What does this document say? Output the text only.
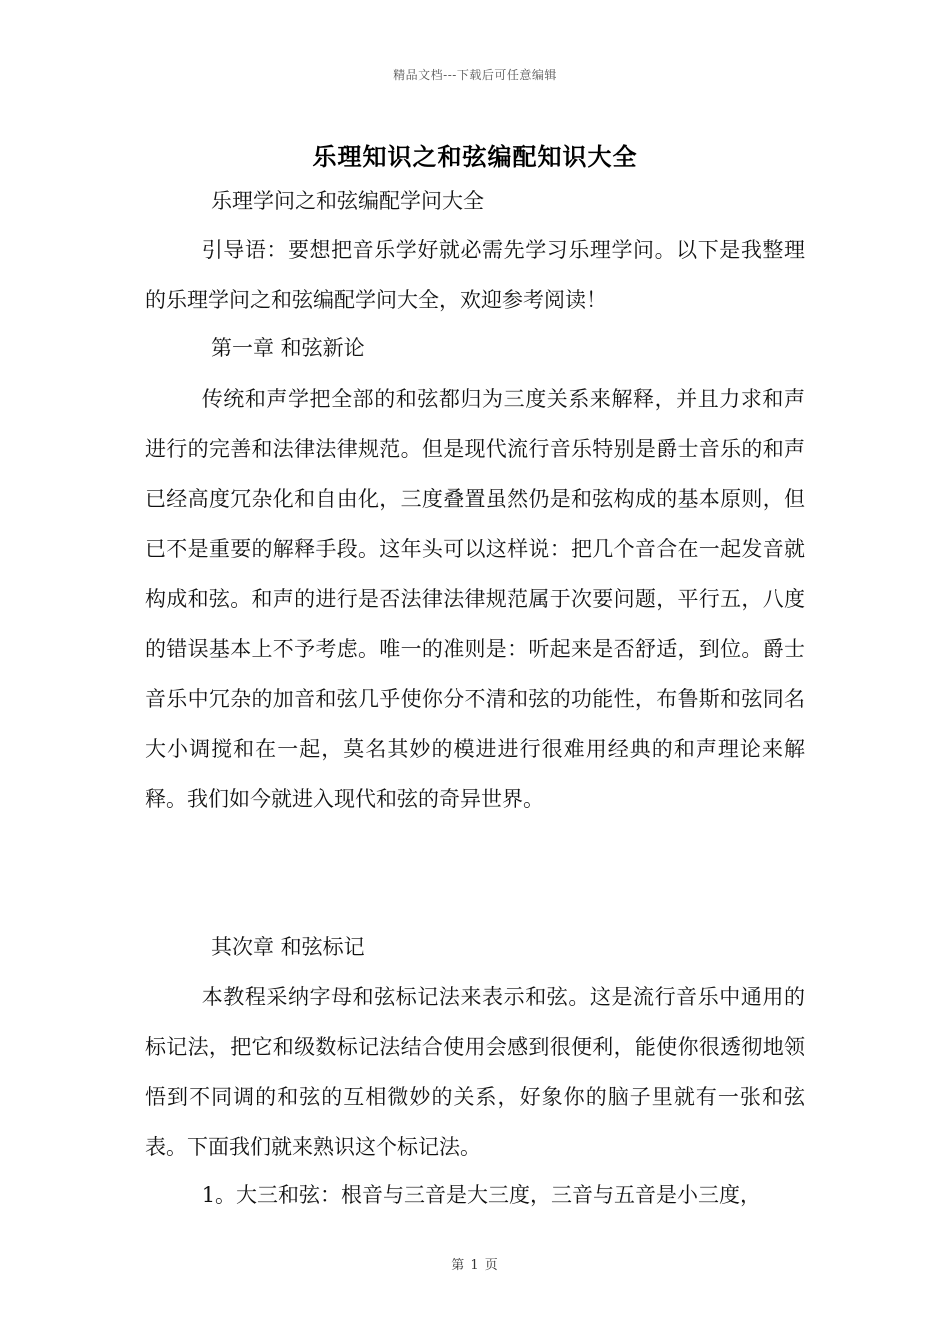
精品文档---下载后可任意编辑
乐理知识之和弦编配知识大全
乐理学问之和弦编配学问大全
引导语：要想把音乐学好就必需先学习乐理学问。以下是我整理的乐理学问之和弦编配学问大全，欢迎参考阅读！
第一章 和弦新论
传统和声学把全部的和弦都归为三度关系来解释，并且力求和声进行的完善和法律法律规范。但是现代流行音乐特别是爵士音乐的和声已经高度冗杂化和自由化，三度叠置虽然仍是和弦构成的基本原则，但已不是重要的解释手段。这年头可以这样说：把几个音合在一起发音就构成和弦。和声的进行是否法律法律规范属于次要问题，平行五，八度的错误基本上不予考虑。唯一的准则是：听起来是否舒适，到位。爵士音乐中冗杂的加音和弦几乎使你分不清和弦的功能性，布鲁斯和弦同名大小调搅和在一起，莫名其妙的模进进行很难用经典的和声理论来解释。我们如今就进入现代和弦的奇异世界。
其次章 和弦标记
本教程采纳字母和弦标记法来表示和弦。这是流行音乐中通用的标记法，把它和级数标记法结合使用会感到很便利，能使你很透彻地领悟到不同调的和弦的互相微妙的关系，好象你的脑子里就有一张和弦表。下面我们就来熟识这个标记法。
1。大三和弦：根音与三音是大三度，三音与五音是小三度，
第 1 页
